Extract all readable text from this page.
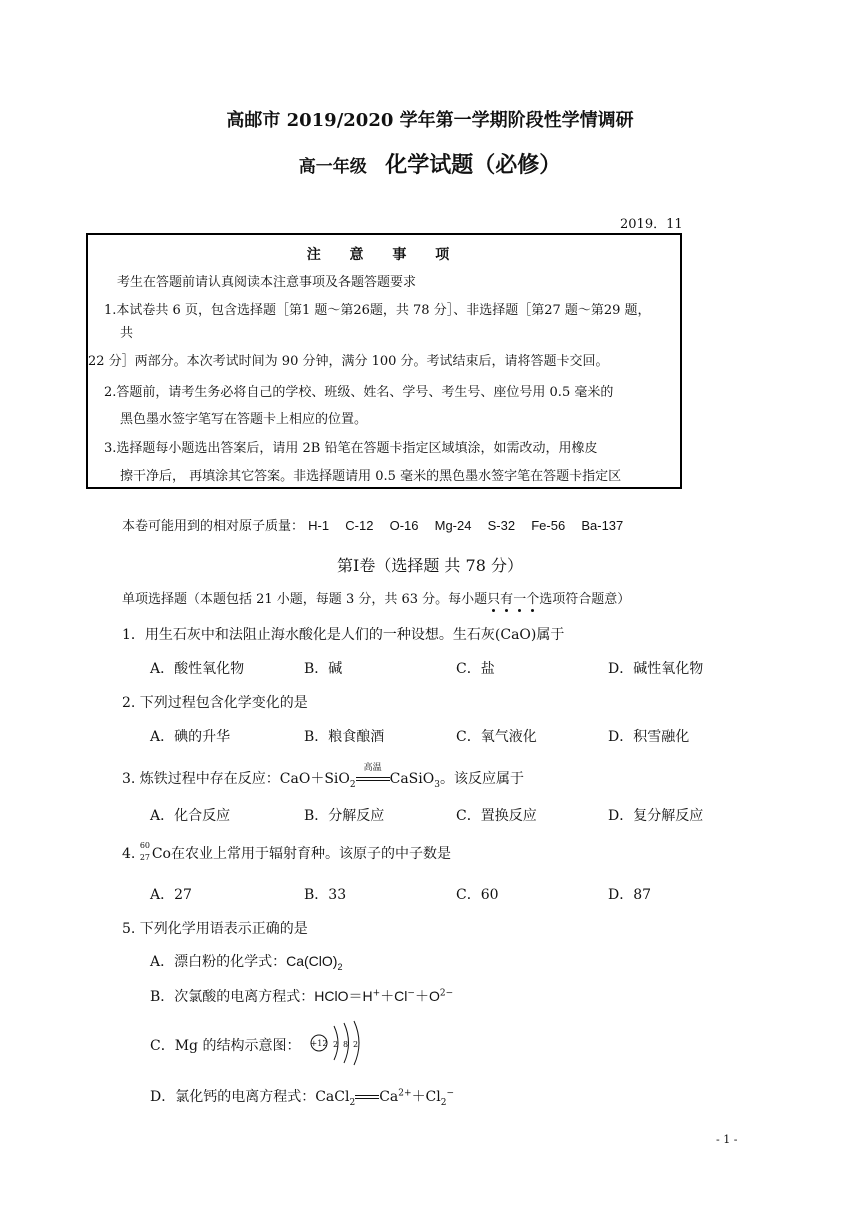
高邮市 2019/2020 学年第一学期阶段性学情调研
高一年级 化学试题（必修）
2019．11
注 意 事 项
考生在答题前请认真阅读本注意事项及各题答题要求
1.本试卷共 6 页，包含选择题［第1 题～第26题，共 78 分］、非选择题［第27 题～第29 题，
共
22 分］两部分。本次考试时间为 90 分钟，满分 100 分。考试结束后，请将答题卡交回。
2.答题前，请考生务必将自己的学校、班级、姓名、学号、考生号、座位号用 0.5 毫米的
黑色墨水签字笔写在答题卡上相应的位置。
3.选择题每小题选出答案后，请用 2B 铅笔在答题卡指定区域填涂，如需改动，用橡皮
擦干净后， 再填涂其它答案。非选择题请用 0.5 毫米的黑色墨水签字笔在答题卡指定区
本卷可能用到的相对原子质量： H-1 C-12 O-16 Mg-24 S-32 Fe-56 Ba-137
第Ⅰ卷（选择题 共 78 分）
单项选择题（本题包括 21 小题，每题 3 分，共 63 分。每小题只有一个选项符合题意）
1．用生石灰中和法阻止海水酸化是人们的一种设想。生石灰(CaO)属于
A．酸性氧化物	B．碱	C．盐	D．碱性氧化物
2. 下列过程包含化学变化的是
A．碘的升华	B．粮食酿酒	C．氧气液化	D．积雪融化
3. 炼铁过程中存在反应：CaO＋SiO$_2$
高温
CaSiO$_3$。该反应属于
A．化合反应	B．分解反应	C．置换反应	D．复分解反应
4.
60
27 Co在农业上常用于辐射育种。该原子的中子数是
A．27	B．33	C．60	D．87
5. 下列化学用语表示正确的是
A．漂白粉的化学式：$Ca(ClO)_2$
B．次氯酸的电离方程式：$HClO=H^++Cl^-+O^{2-}$
C．Mg 的结构示意图： +12 2 8 2
D．氯化钙的电离方程式：CaCl$_2$ $Ca^{2+}+Cl_2^-$
- 1 -
